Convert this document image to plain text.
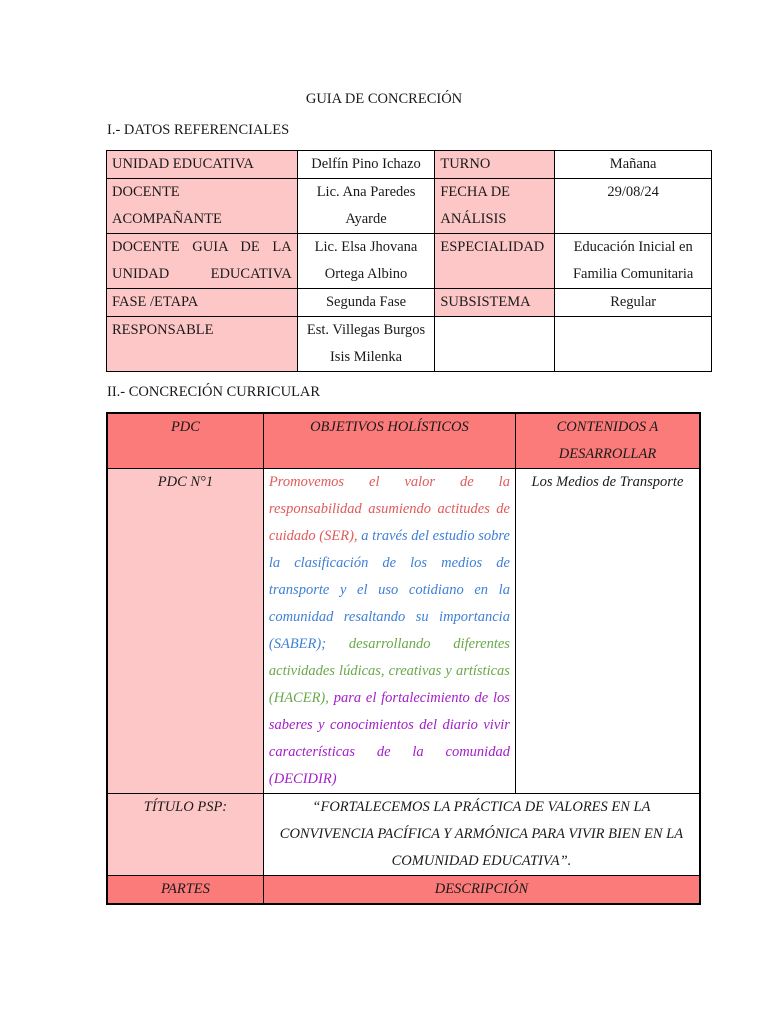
GUIA DE CONCRECIÓN
I.- DATOS REFERENCIALES
UNIDAD EDUCATIVA	Delfín Pino Ichazo	TURNO	Mañana
DOCENTE ACOMPAÑANTE	Lic. Ana Paredes Ayarde	FECHA DE ANÁLISIS	29/08/24
DOCENTE GUIA DE LA UNIDAD EDUCATIVA	Lic. Elsa Jhovana Ortega Albino	ESPECIALIDAD	Educación Inicial en Familia Comunitaria
FASE /ETAPA	Segunda Fase	SUBSISTEMA	Regular
RESPONSABLE	Est. Villegas Burgos Isis Milenka		
II.- CONCRECIÓN CURRICULAR
PDC	OBJETIVOS HOLÍSTICOS	CONTENIDOS A DESARROLLAR
PDC N°1	Promovemos el valor de la responsabilidad asumiendo actitudes de cuidado (SER), a través del estudio sobre la clasificación de los medios de transporte y el uso cotidiano en la comunidad resaltando su importancia (SABER); desarrollando diferentes actividades lúdicas, creativas y artísticas (HACER), para el fortalecimiento de los saberes y conocimientos del diario vivir características de la comunidad (DECIDIR)	Los Medios de Transporte
TÍTULO PSP:	“FORTALECEMOS LA PRÁCTICA DE VALORES EN LA CONVIVENCIA PACÍFICA Y ARMÓNICA PARA VIVIR BIEN EN LA COMUNIDAD EDUCATIVA”.	
PARTES	DESCRIPCIÓN	
